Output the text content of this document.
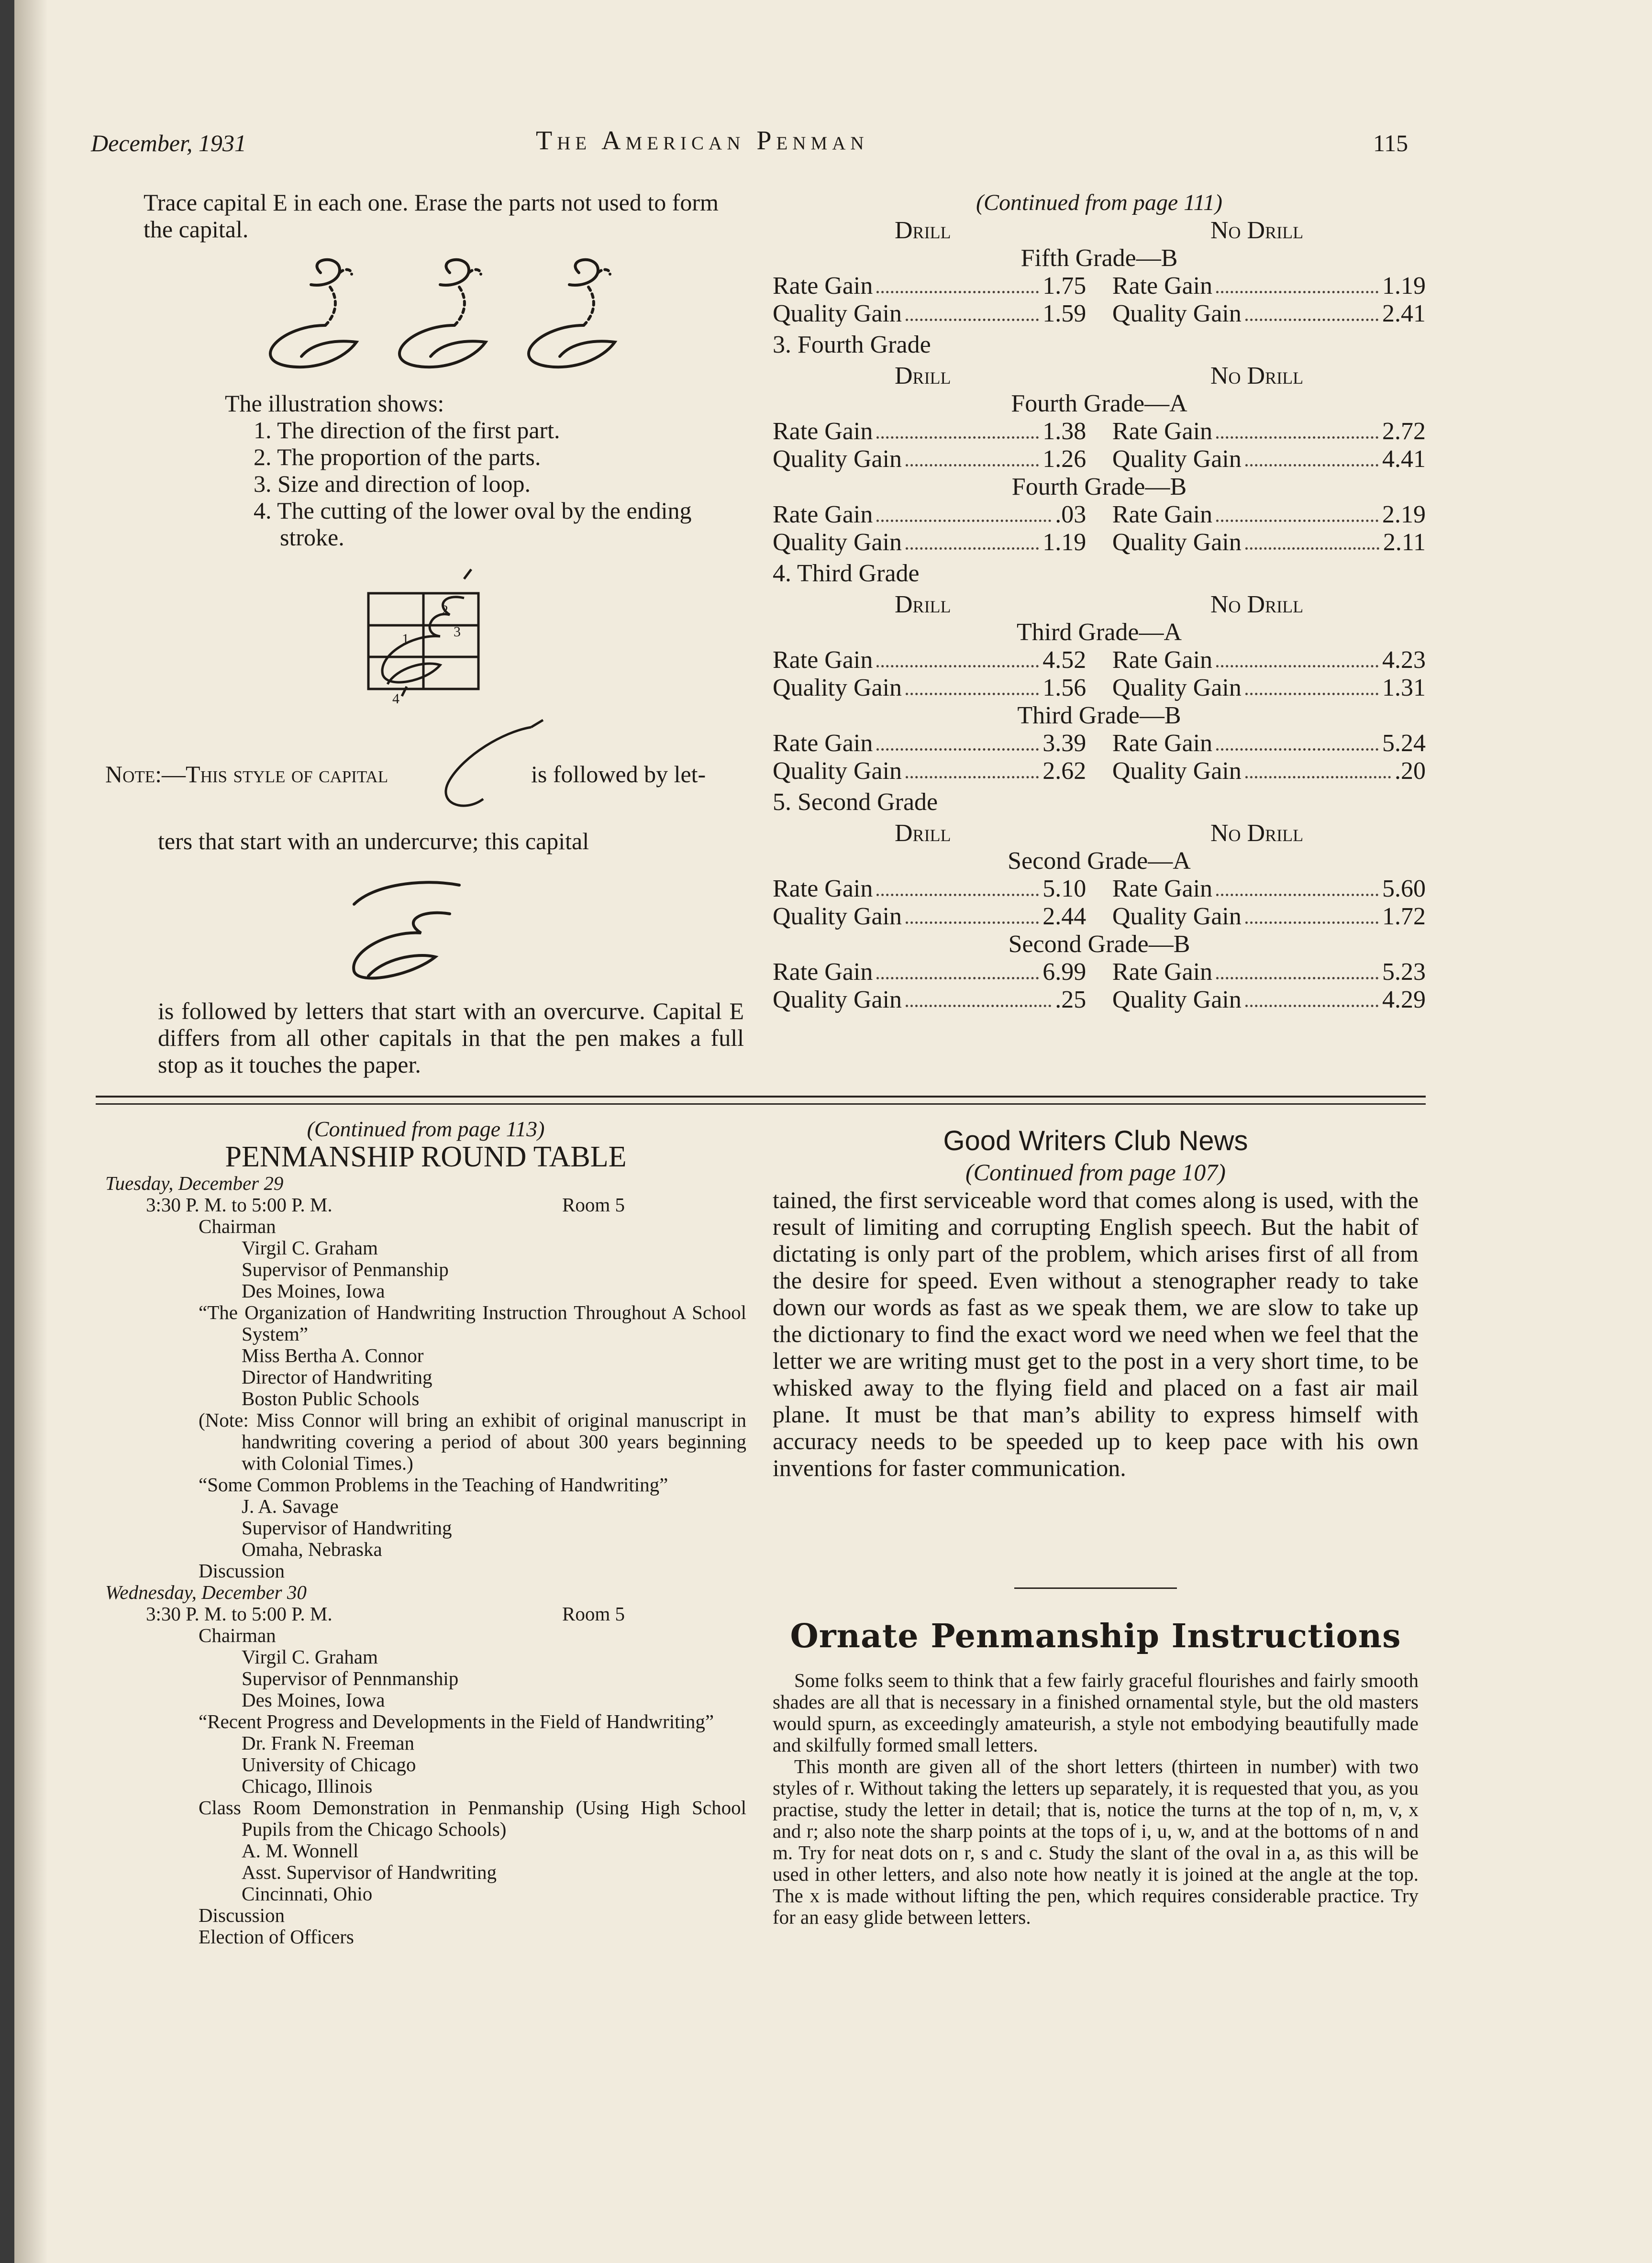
December, 1931	The American Penman	115
Trace capital E in each one. Erase the parts not used to form the capital.
The illustration shows:
1. The direction of the first part.
2. The proportion of the parts.
3. Size and direction of loop.
4. The cutting of the lower oval by the ending stroke.
2
3
1
4
Note:—This style of capital	is followed by let-
ters that start with an undercurve; this capital
is followed by letters that start with an overcurve. Capital E differs from all other capitals in that the pen makes a full stop as it touches the paper.
(Continued from page 111)
Drill	No Drill
Fifth Grade—B
Rate Gain	1.75 Rate Gain	1.19
Quality Gain	1.59 Quality Gain	2.41
3. Fourth Grade
Drill	No Drill
Fourth Grade—A
Rate Gain	1.38 Rate Gain	2.72
Quality Gain	1.26 Quality Gain	4.41
Fourth Grade—B
Rate Gain	.03 Rate Gain	2.19
Quality Gain	1.19 Quality Gain	2.11
4. Third Grade
Drill	No Drill
Third Grade—A
Rate Gain	4.52 Rate Gain	4.23
Quality Gain	1.56 Quality Gain	1.31
Third Grade—B
Rate Gain	3.39 Rate Gain	5.24
Quality Gain	2.62 Quality Gain	.20
5. Second Grade
Drill	No Drill
Second Grade—A
Rate Gain	5.10 Rate Gain	5.60
Quality Gain	2.44 Quality Gain	1.72
Second Grade—B
Rate Gain	6.99 Rate Gain	5.23
Quality Gain	.25 Quality Gain	4.29
(Continued from page 113)
PENMANSHIP ROUND TABLE
Tuesday, December 29
3:30 P. M. to 5:00 P. M.	Room 5
Chairman
Virgil C. Graham
Supervisor of Penmanship
Des Moines, Iowa
“The Organization of Handwriting Instruction Throughout A School System”
Miss Bertha A. Connor
Director of Handwriting
Boston Public Schools
(Note: Miss Connor will bring an exhibit of original manuscript in handwriting covering a period of about 300 years beginning with Colonial Times.)
“Some Common Problems in the Teaching of Handwriting”
J. A. Savage
Supervisor of Handwriting
Omaha, Nebraska
Discussion
Wednesday, December 30
3:30 P. M. to 5:00 P. M.	Room 5
Chairman
Virgil C. Graham
Supervisor of Pennmanship
Des Moines, Iowa
“Recent Progress and Developments in the Field of Handwriting”
Dr. Frank N. Freeman
University of Chicago
Chicago, Illinois
Class Room Demonstration in Penmanship (Using High School Pupils from the Chicago Schools)
A. M. Wonnell
Asst. Supervisor of Handwriting
Cincinnati, Ohio
Discussion
Election of Officers
Good Writers Club News
(Continued from page 107)
tained, the first serviceable word that comes along is used, with the result of limiting and corrupting English speech. But the habit of dictating is only part of the problem, which arises first of all from the desire for speed. Even without a stenographer ready to take down our words as fast as we speak them, we are slow to take up the dictionary to find the exact word we need when we feel that the letter we are writing must get to the post in a very short time, to be whisked away to the flying field and placed on a fast air mail plane. It must be that man’s ability to express himself with accuracy needs to be speeded up to keep pace with his own inventions for faster communication.
Ornate Penmanship Instructions
Some folks seem to think that a few fairly graceful flourishes and fairly smooth shades are all that is necessary in a finished ornamental style, but the old masters would spurn, as exceedingly amateurish, a style not embodying beautifully made and skilfully formed small letters.
This month are given all of the short letters (thirteen in number) with two styles of r. Without taking the letters up separately, it is requested that you, as you practise, study the letter in detail; that is, notice the turns at the top of n, m, v, x and r; also note the sharp points at the tops of i, u, w, and at the bottoms of n and m. Try for neat dots on r, s and c. Study the slant of the oval in a, as this will be used in other letters, and also note how neatly it is joined at the angle at the top. The x is made without lifting the pen, which requires considerable practice. Try for an easy glide between letters.
